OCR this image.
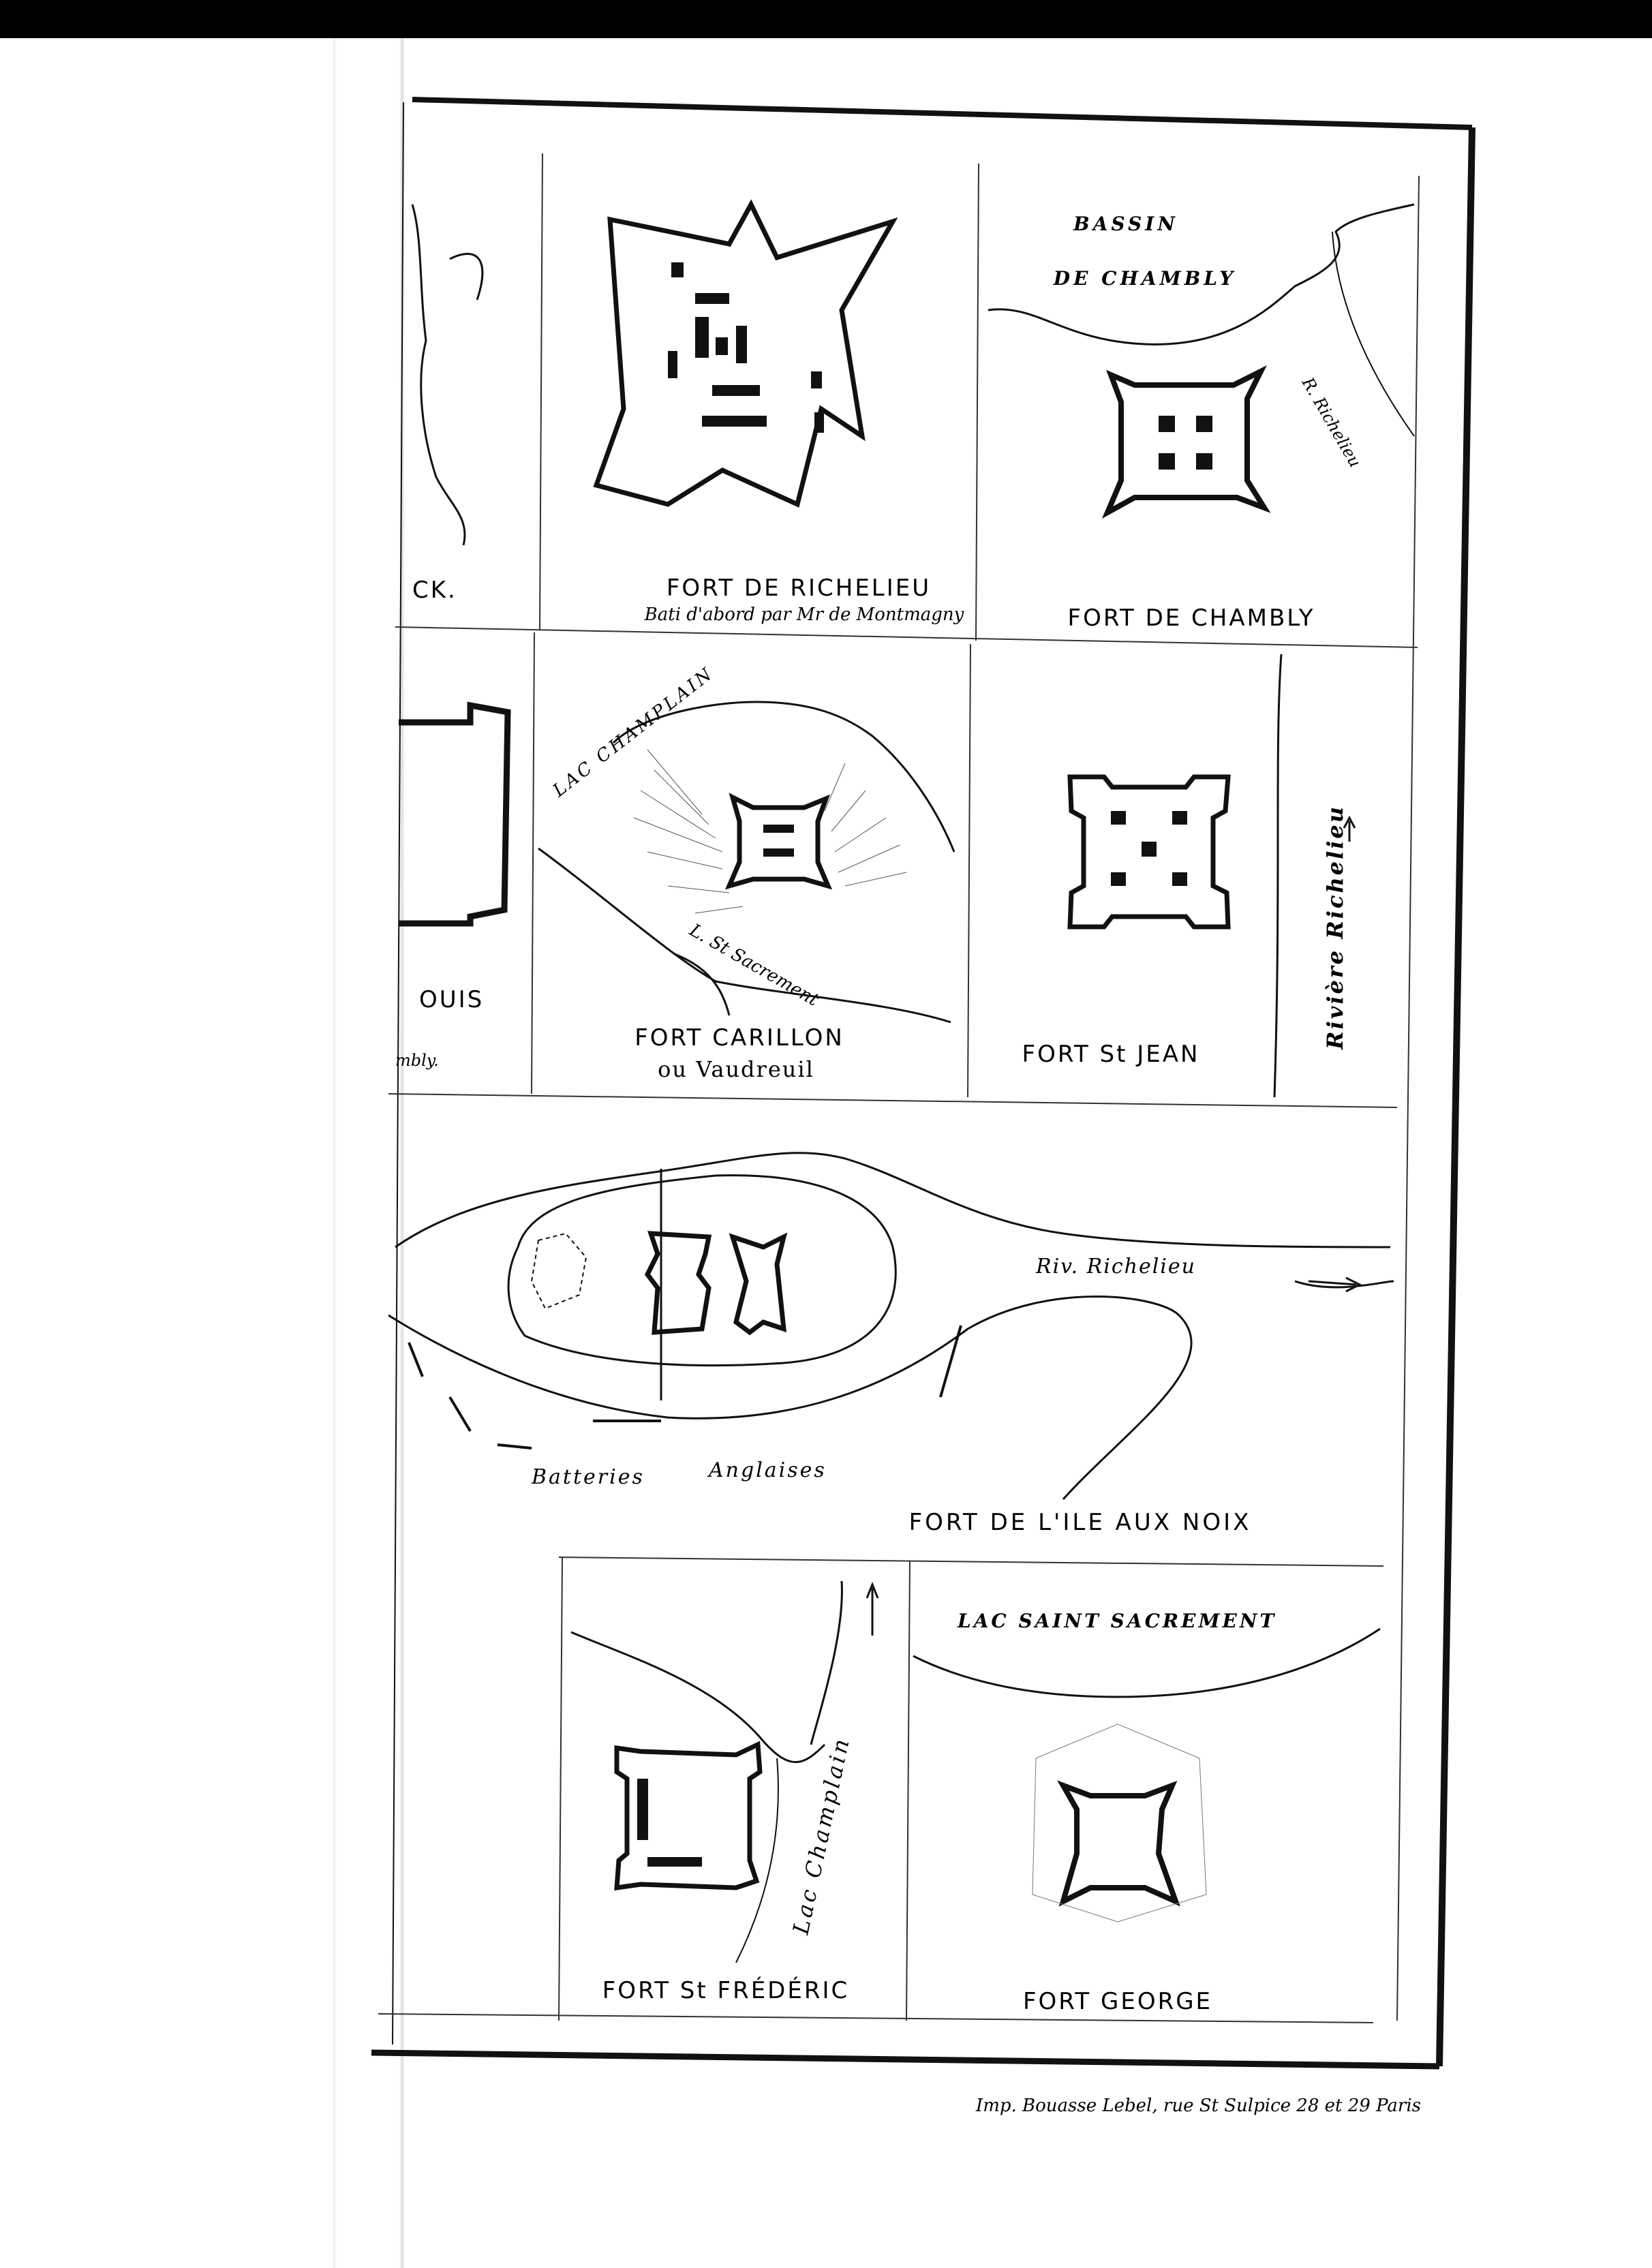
FORT DE RICHELIEU
Bati d'abord par Mr de Montmagny	FORT DE CHAMBLY
BASSIN
DE CHAMBLY
R. Richelieu
CK.
OUIS
mbly.
LAC CHAMPLAIN
L. St Sacrement
FORT CARILLON
ou Vaudreuil
FORT St JEAN
Rivière Richelieu
Riv. Richelieu
Batteries	Anglaises
FORT DE L'ILE AUX NOIX
LAC SAINT SACREMENT
Lac Champlain
FORT St FRÉDÉRIC	FORT GEORGE
Imp. Bouasse Lebel, rue St Sulpice 28 et 29 Paris
